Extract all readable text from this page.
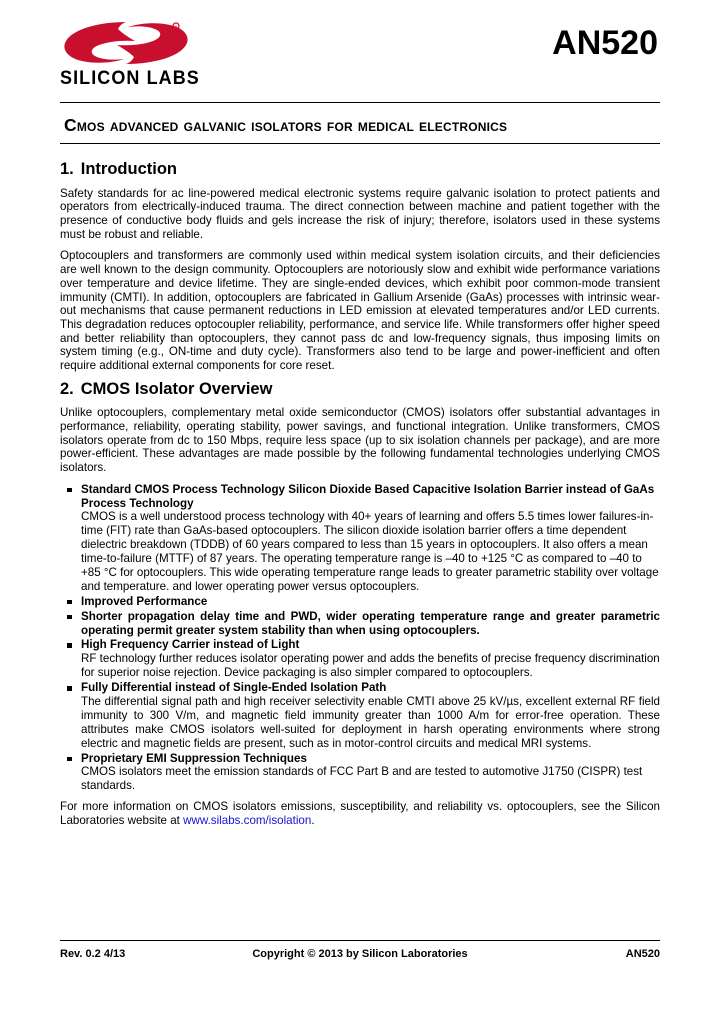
R
SILICON LABS
AN520
Cmos advanced galvanic isolators for medical electronics
1. Introduction

Safety standards for ac line-powered medical electronic systems require galvanic isolation to protect patients and operators from electrically-induced trauma. The direct connection between machine and patient together with the presence of conductive body fluids and gels increase the risk of injury; therefore, isolators used in these systems must be robust and reliable.

Optocouplers and transformers are commonly used within medical system isolation circuits, and their deficiencies are well known to the design community. Optocouplers are notoriously slow and exhibit wide performance variations over temperature and device lifetime. They are single-ended devices, which exhibit poor common-mode transient immunity (CMTI). In addition, optocouplers are fabricated in Gallium Arsenide (GaAs) processes with intrinsic wear-out mechanisms that cause permanent reductions in LED emission at elevated temperatures and/or LED currents. This degradation reduces optocoupler reliability, performance, and service life. While transformers offer higher speed and better reliability than optocouplers, they cannot pass dc and low-frequency signals, thus imposing limits on system timing (e.g., ON-time and duty cycle). Transformers also tend to be large and power-inefficient and often require additional external components for core reset.

2. CMOS Isolator Overview

Unlike optocouplers, complementary metal oxide semiconductor (CMOS) isolators offer substantial advantages in performance, reliability, operating stability, power savings, and functional integration. Unlike transformers, CMOS isolators operate from dc to 150 Mbps, require less space (up to six isolation channels per package), and are more power-efficient. These advantages are made possible by the following fundamental technologies underlying CMOS isolators.

Standard CMOS Process Technology Silicon Dioxide Based Capacitive Isolation Barrier instead of GaAs Process Technology
CMOS is a well understood process technology with 40+ years of learning and offers 5.5 times lower failures-in-time (FIT) rate than GaAs-based optocouplers. The silicon dioxide isolation barrier offers a time dependent dielectric breakdown (TDDB) of 60 years compared to less than 15 years in optocouplers. It also offers a mean time-to-failure (MTTF) of 87 years. The operating temperature range is –40 to +125 °C as compared to –40 to +85 °C for optocouplers. This wide operating temperature range leads to greater parametric stability over voltage and temperature. and lower operating power versus optocouplers.
Improved Performance
Shorter propagation delay time and PWD, wider operating temperature range and greater parametric operating permit greater system stability than when using optocouplers.
High Frequency Carrier instead of Light
RF technology further reduces isolator operating power and adds the benefits of precise frequency discrimination for superior noise rejection. Device packaging is also simpler compared to optocouplers.
Fully Differential instead of Single-Ended Isolation Path
The differential signal path and high receiver selectivity enable CMTI above 25 kV/µs, excellent external RF field immunity to 300 V/m, and magnetic field immunity greater than 1000 A/m for error-free operation. These attributes make CMOS isolators well-suited for deployment in harsh operating environments where strong electric and magnetic fields are present, such as in motor-control circuits and medical MRI systems.
Proprietary EMI Suppression Techniques
CMOS isolators meet the emission standards of FCC Part B and are tested to automotive J1750 (CISPR) test standards.

For more information on CMOS isolators emissions, susceptibility, and reliability vs. optocouplers, see the Silicon Laboratories website at www.silabs.com/isolation.

Rev. 0.2 4/13	Copyright © 2013 by Silicon Laboratories	AN520
